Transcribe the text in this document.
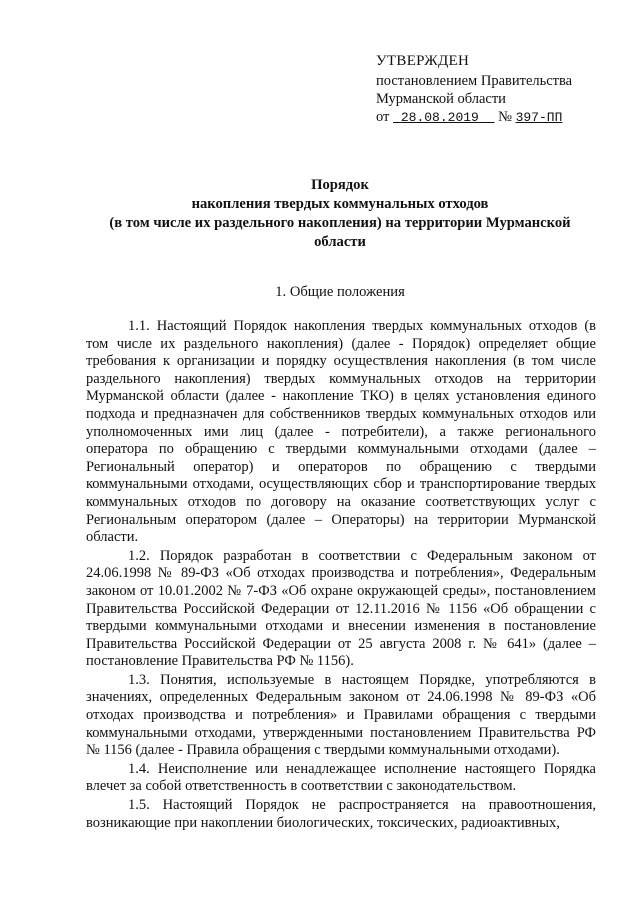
УТВЕРЖДЕН
постановлением Правительства
Мурманской области
от 28.08.2019 № 397-ПП
Порядок
накопления твердых коммунальных отходов
(в том числе их раздельного накопления) на территории Мурманской
области
1. Общие положения

1.1. Настоящий Порядок накопления твердых коммунальных отходов (в том числе их раздельного накопления) (далее - Порядок) определяет общие требования к организации и порядку осуществления накопления (в том числе раздельного накопления) твердых коммунальных отходов на территории Мурманской области (далее - накопление ТКО) в целях установления единого подхода и предназначен для собственников твердых коммунальных отходов или уполномоченных ими лиц (далее - потребители), а также регионального оператора по обращению с твердыми коммунальными отходами (далее – Региональный оператор) и операторов по обращению с твердыми коммунальными отходами, осуществляющих сбор и транспортирование твердых коммунальных отходов по договору на оказание соответствующих услуг с Региональным оператором (далее – Операторы) на территории Мурманской области.

1.2. Порядок разработан в соответствии с Федеральным законом от 24.06.1998 № 89-ФЗ «Об отходах производства и потребления», Федеральным законом от 10.01.2002 № 7-ФЗ «Об охране окружающей среды», постановлением Правительства Российской Федерации от 12.11.2016 № 1156 «Об обращении с твердыми коммунальными отходами и внесении изменения в постановление Правительства Российской Федерации от 25 августа 2008 г. № 641» (далее – постановление Правительства РФ № 1156).

1.3. Понятия, используемые в настоящем Порядке, употребляются в значениях, определенных Федеральным законом от 24.06.1998 № 89-ФЗ «Об отходах производства и потребления» и Правилами обращения с твердыми коммунальными отходами, утвержденными постановлением Правительства РФ № 1156 (далее - Правила обращения с твердыми коммунальными отходами).

1.4. Неисполнение или ненадлежащее исполнение настоящего Порядка влечет за собой ответственность в соответствии с законодательством.

1.5. Настоящий Порядок не распространяется на правоотношения, возникающие при накоплении биологических, токсических, радиоактивных,
